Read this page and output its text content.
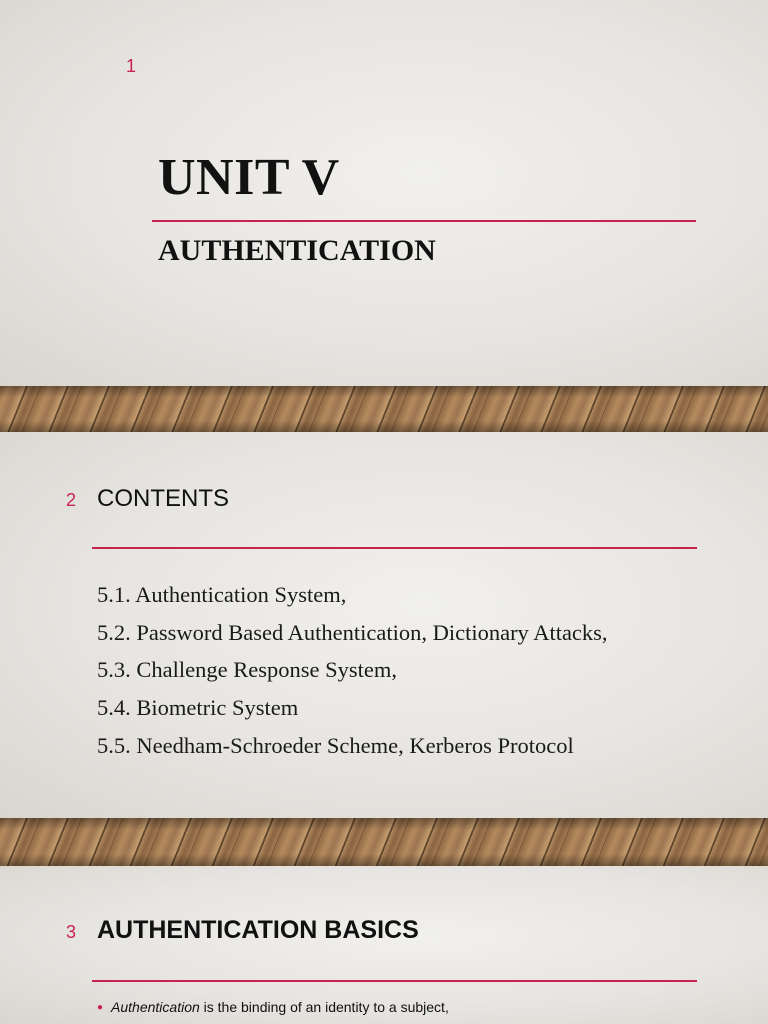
1
UNIT V
AUTHENTICATION
2 CONTENTS
5.1. Authentication System,
5.2. Password Based Authentication, Dictionary Attacks,
5.3. Challenge Response System,
5.4. Biometric System
5.5. Needham-Schroeder Scheme, Kerberos Protocol
3 AUTHENTICATION BASICS
● Authentication is the binding of an identity to a subject,
